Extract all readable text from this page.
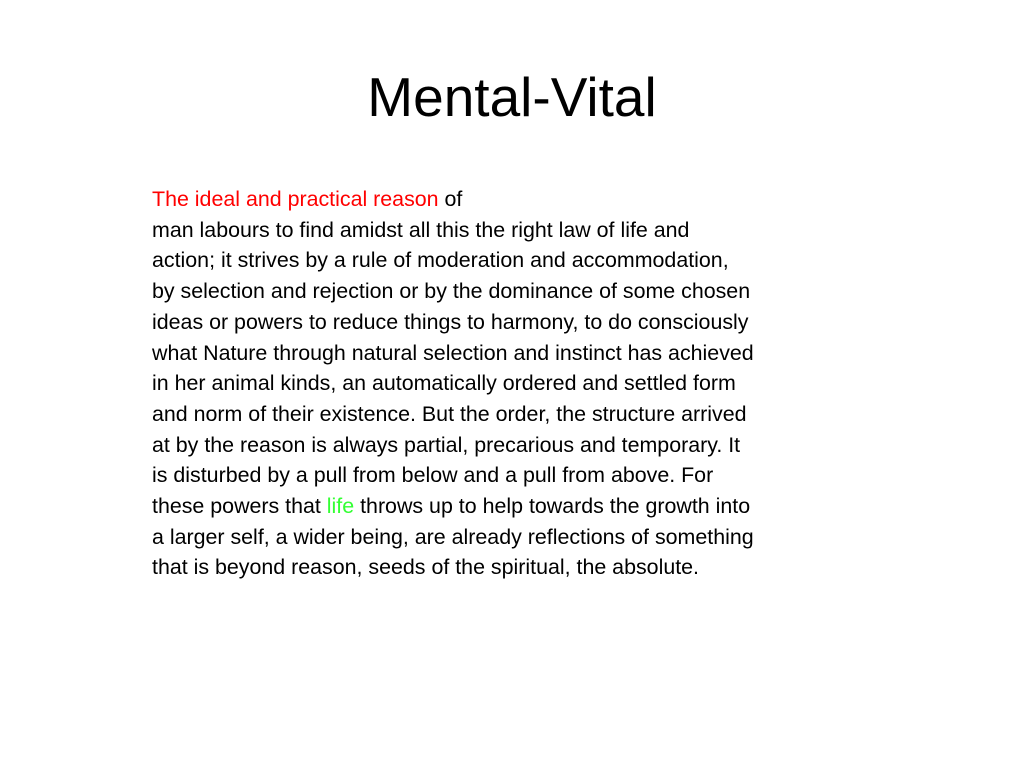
Mental-Vital
The ideal and practical reason of
man labours to find amidst all this the right law of life and
action; it strives by a rule of moderation and accommodation,
by selection and rejection or by the dominance of some chosen
ideas or powers to reduce things to harmony, to do consciously
what Nature through natural selection and instinct has achieved
in her animal kinds, an automatically ordered and settled form
and norm of their existence. But the order, the structure arrived
at by the reason is always partial, precarious and temporary. It
is disturbed by a pull from below and a pull from above. For
these powers that life throws up to help towards the growth into
a larger self, a wider being, are already reflections of something
that is beyond reason, seeds of the spiritual, the absolute.
